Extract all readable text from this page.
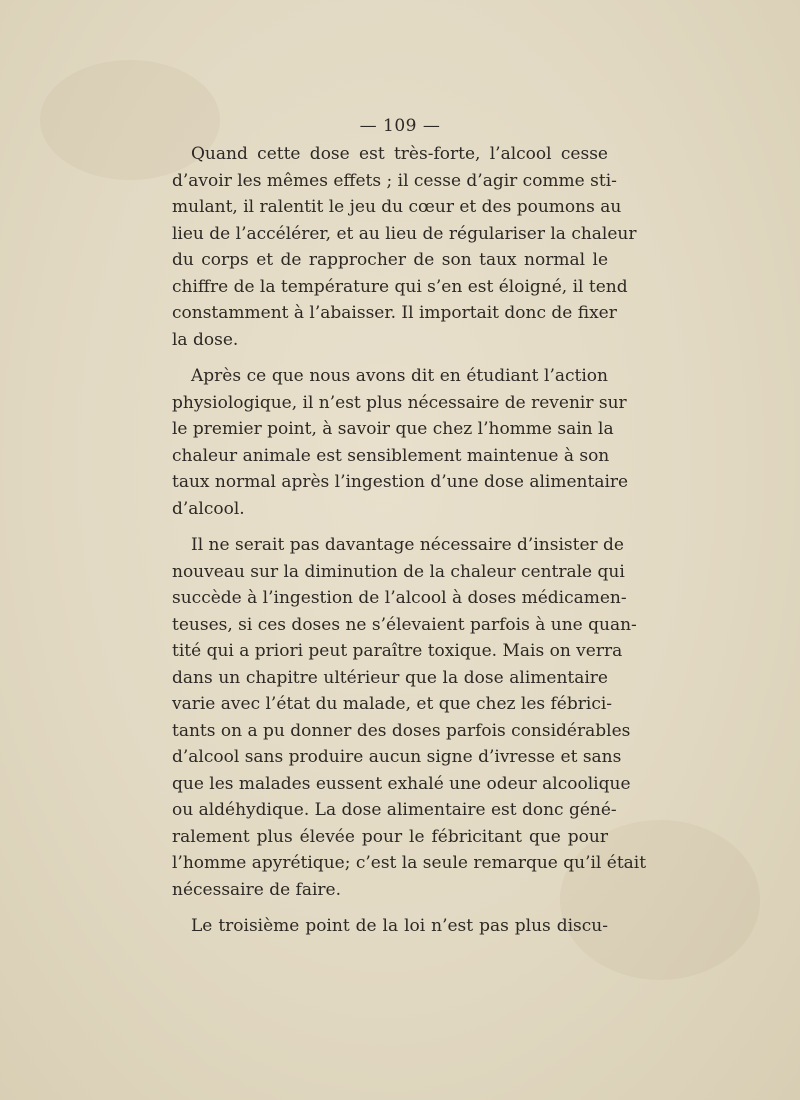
— 109 —

Quand cette dose est très-forte, l’alcool cesse
d’avoir les mêmes effets ; il cesse d’agir comme sti-
mulant, il ralentit le jeu du cœur et des poumons au
lieu de l’accélérer, et au lieu de régulariser la chaleur
du corps et de rapprocher de son taux normal le
chiffre de la température qui s’en est éloigné, il tend
constamment à l’abaisser. Il importait donc de fixer
la dose.

Après ce que nous avons dit en étudiant l’action
physiologique, il n’est plus nécessaire de revenir sur
le premier point, à savoir que chez l’homme sain la
chaleur animale est sensiblement maintenue à son
taux normal après l’ingestion d’une dose alimentaire
d’alcool.

Il ne serait pas davantage nécessaire d’insister de
nouveau sur la diminution de la chaleur centrale qui
succède à l’ingestion de l’alcool à doses médicamen-
teuses, si ces doses ne s’élevaient parfois à une quan-
tité qui a priori peut paraître toxique. Mais on verra
dans un chapitre ultérieur que la dose alimentaire
varie avec l’état du malade, et que chez les fébrici-
tants on a pu donner des doses parfois considérables
d’alcool sans produire aucun signe d’ivresse et sans
que les malades eussent exhalé une odeur alcoolique
ou aldéhydique. La dose alimentaire est donc géné-
ralement plus élevée pour le fébricitant que pour
l’homme apyrétique; c’est la seule remarque qu’il était
nécessaire de faire.

Le troisième point de la loi n’est pas plus discu-
